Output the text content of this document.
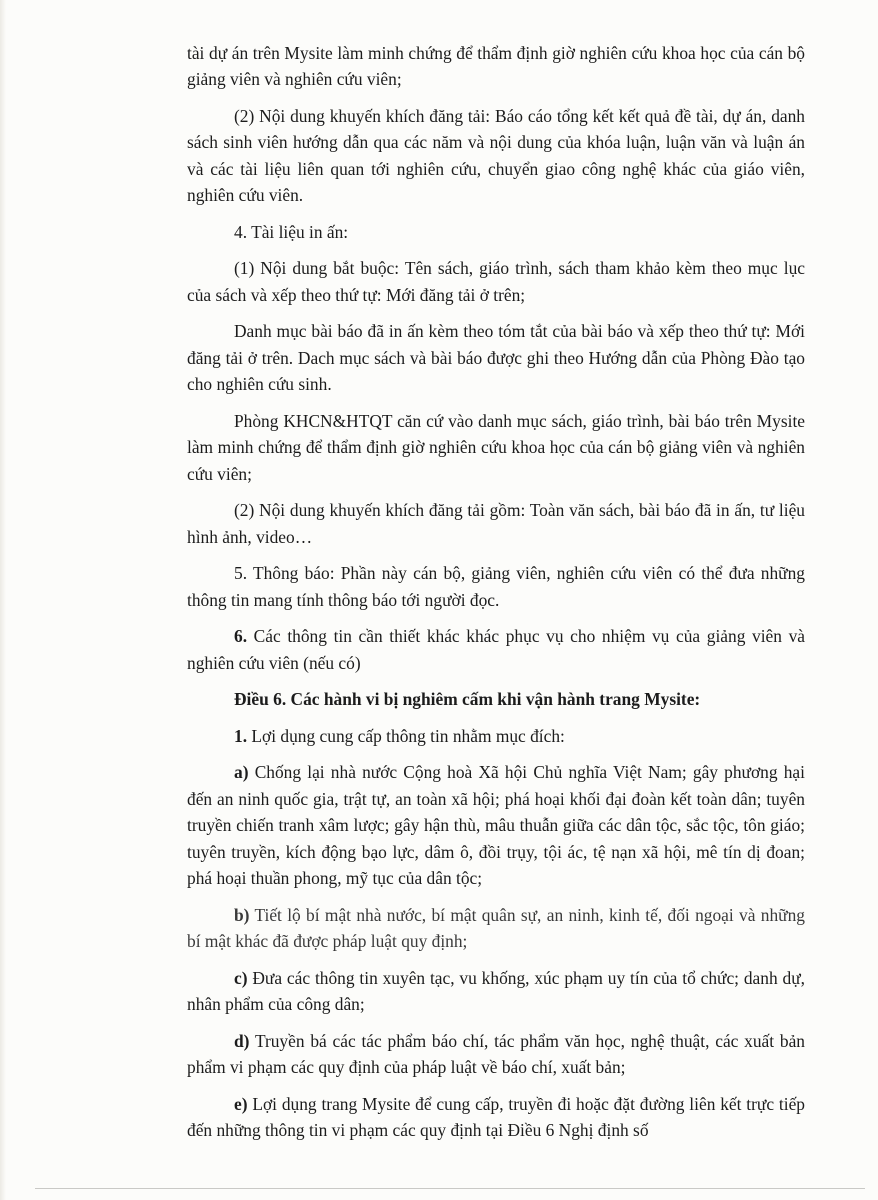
tài dự án trên Mysite làm minh chứng để thẩm định giờ nghiên cứu khoa học của cán bộ giảng viên và nghiên cứu viên;

(2) Nội dung khuyến khích đăng tải: Báo cáo tổng kết kết quả đề tài, dự án, danh sách sinh viên hướng dẫn qua các năm và nội dung của khóa luận, luận văn và luận án và các tài liệu liên quan tới nghiên cứu, chuyển giao công nghệ khác của giáo viên, nghiên cứu viên.

4. Tài liệu in ấn:

(1) Nội dung bắt buộc: Tên sách, giáo trình, sách tham khảo kèm theo mục lục của sách và xếp theo thứ tự: Mới đăng tải ở trên;

Danh mục bài báo đã in ấn kèm theo tóm tắt của bài báo và xếp theo thứ tự: Mới đăng tải ở trên. Dach mục sách và bài báo được ghi theo Hướng dẫn của Phòng Đào tạo cho nghiên cứu sinh.

Phòng KHCN&HTQT căn cứ vào danh mục sách, giáo trình, bài báo trên Mysite làm minh chứng để thẩm định giờ nghiên cứu khoa học của cán bộ giảng viên và nghiên cứu viên;

(2) Nội dung khuyến khích đăng tải gồm: Toàn văn sách, bài báo đã in ấn, tư liệu hình ảnh, video…

5. Thông báo: Phần này cán bộ, giảng viên, nghiên cứu viên có thể đưa những thông tin mang tính thông báo tới người đọc.

6. Các thông tin cần thiết khác khác phục vụ cho nhiệm vụ của giảng viên và nghiên cứu viên (nếu có)

Điều 6. Các hành vi bị nghiêm cấm khi vận hành trang Mysite:

1. Lợi dụng cung cấp thông tin nhằm mục đích:

a) Chống lại nhà nước Cộng hoà Xã hội Chủ nghĩa Việt Nam; gây phương hại đến an ninh quốc gia, trật tự, an toàn xã hội; phá hoại khối đại đoàn kết toàn dân; tuyên truyền chiến tranh xâm lược; gây hận thù, mâu thuẫn giữa các dân tộc, sắc tộc, tôn giáo; tuyên truyền, kích động bạo lực, dâm ô, đồi trụy, tội ác, tệ nạn xã hội, mê tín dị đoan; phá hoại thuần phong, mỹ tục của dân tộc;

b) Tiết lộ bí mật nhà nước, bí mật quân sự, an ninh, kinh tế, đối ngoại và những bí mật khác đã được pháp luật quy định;

c) Đưa các thông tin xuyên tạc, vu khống, xúc phạm uy tín của tổ chức; danh dự, nhân phẩm của công dân;

d) Truyền bá các tác phẩm báo chí, tác phẩm văn học, nghệ thuật, các xuất bản phẩm vi phạm các quy định của pháp luật về báo chí, xuất bản;

e) Lợi dụng trang Mysite để cung cấp, truyền đi hoặc đặt đường liên kết trực tiếp đến những thông tin vi phạm các quy định tại Điều 6 Nghị định số
